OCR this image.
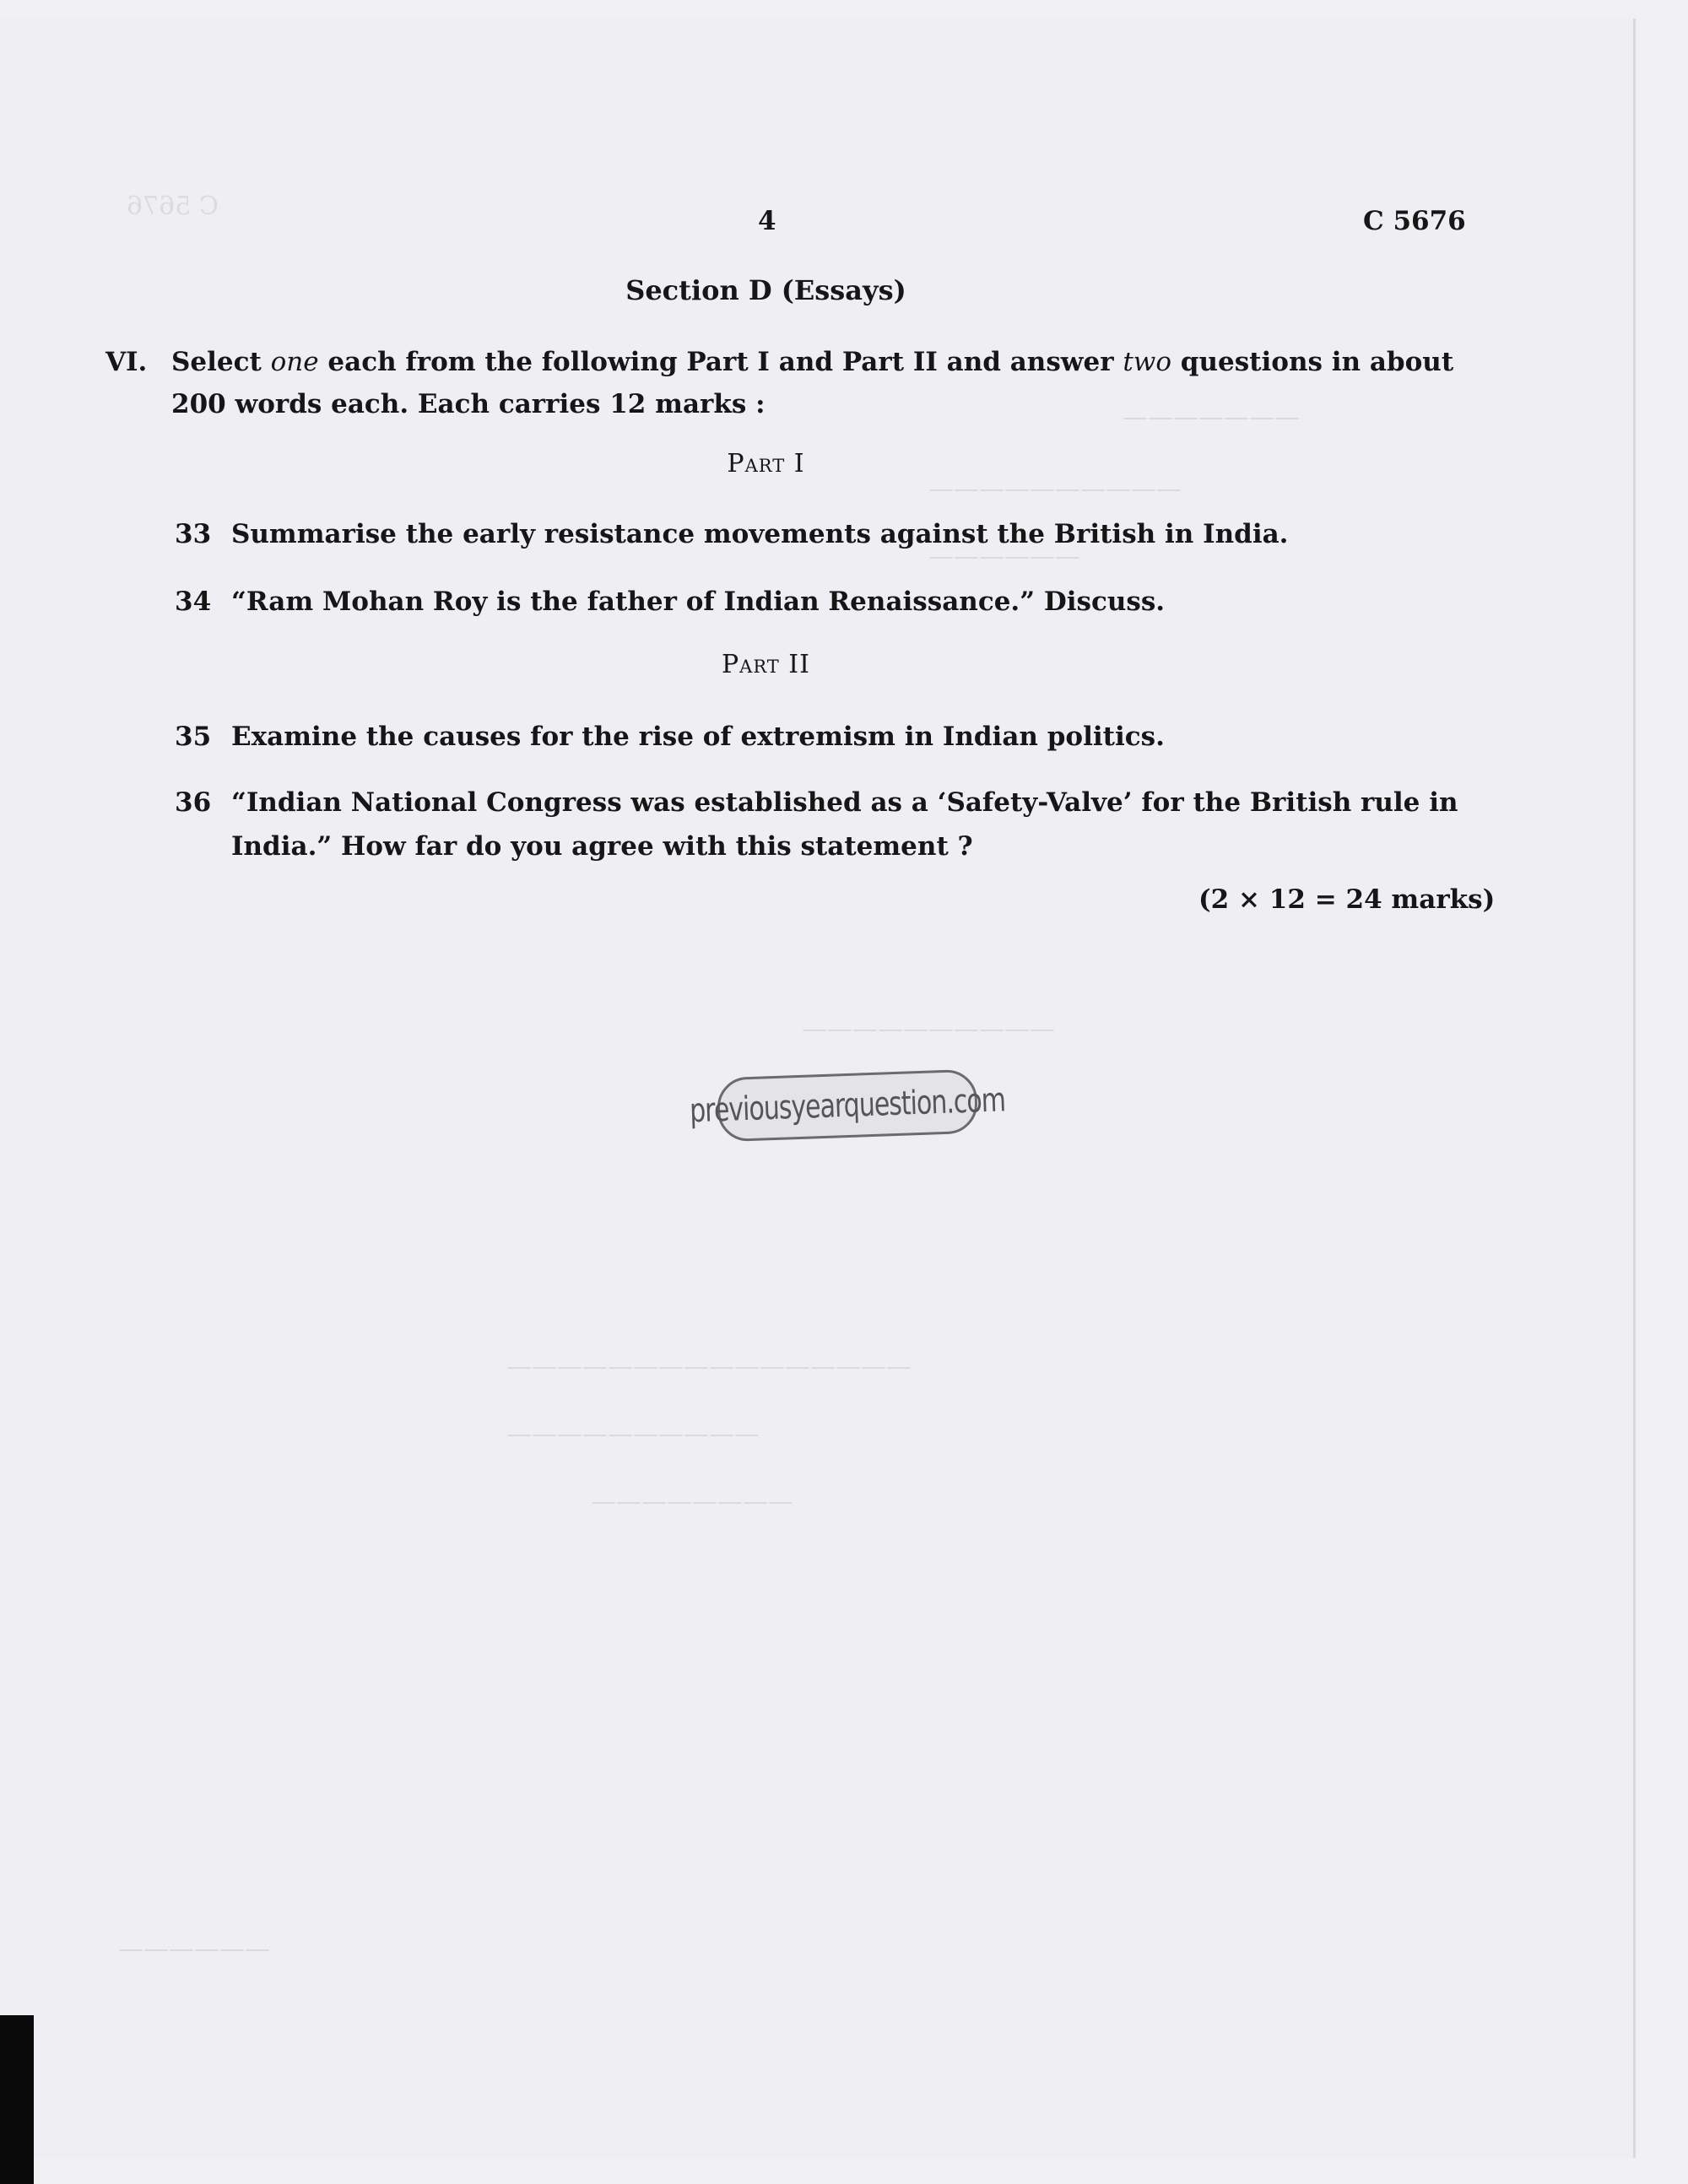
C 5676
———————
——————————
——————
——————————
————————————————
——————————
————————
——————
4	C 5676
Section D (Essays)
VI. Select one each from the following Part I and Part II and answer two questions in about 200 words each. Each carries 12 marks :
Part I
33 Summarise the early resistance movements against the British in India.
34 “Ram Mohan Roy is the father of Indian Renaissance.” Discuss.
Part II
35 Examine the causes for the rise of extremism in Indian politics.
36 “Indian National Congress was established as a ‘Safety-Valve’ for the British rule in India.” How far do you agree with this statement ?
(2 × 12 = 24 marks)
previousyearquestion.com
